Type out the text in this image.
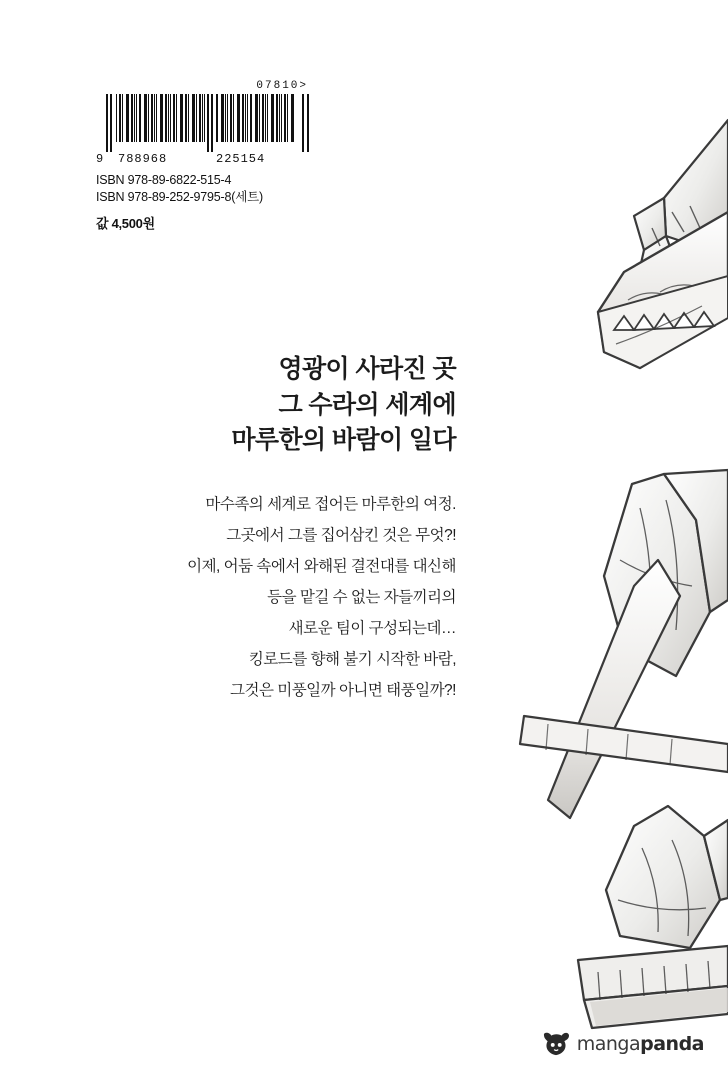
07810>
9 788968	225154
ISBN 978-89-6822-515-4
ISBN 978-89-252-9795-8(세트)
값 4,500원
영광이 사라진 곳
그 수라의 세계에
마루한의 바람이 일다
마수족의 세계로 접어든 마루한의 여정.
그곳에서 그를 집어삼킨 것은 무엇?!
이제, 어둠 속에서 와해된 결전대를 대신해
등을 맡길 수 없는 자들끼리의
새로운 팀이 구성되는데…
킹로드를 향해 불기 시작한 바람,
그것은 미풍일까 아니면 태풍일까?!
mangapanda
